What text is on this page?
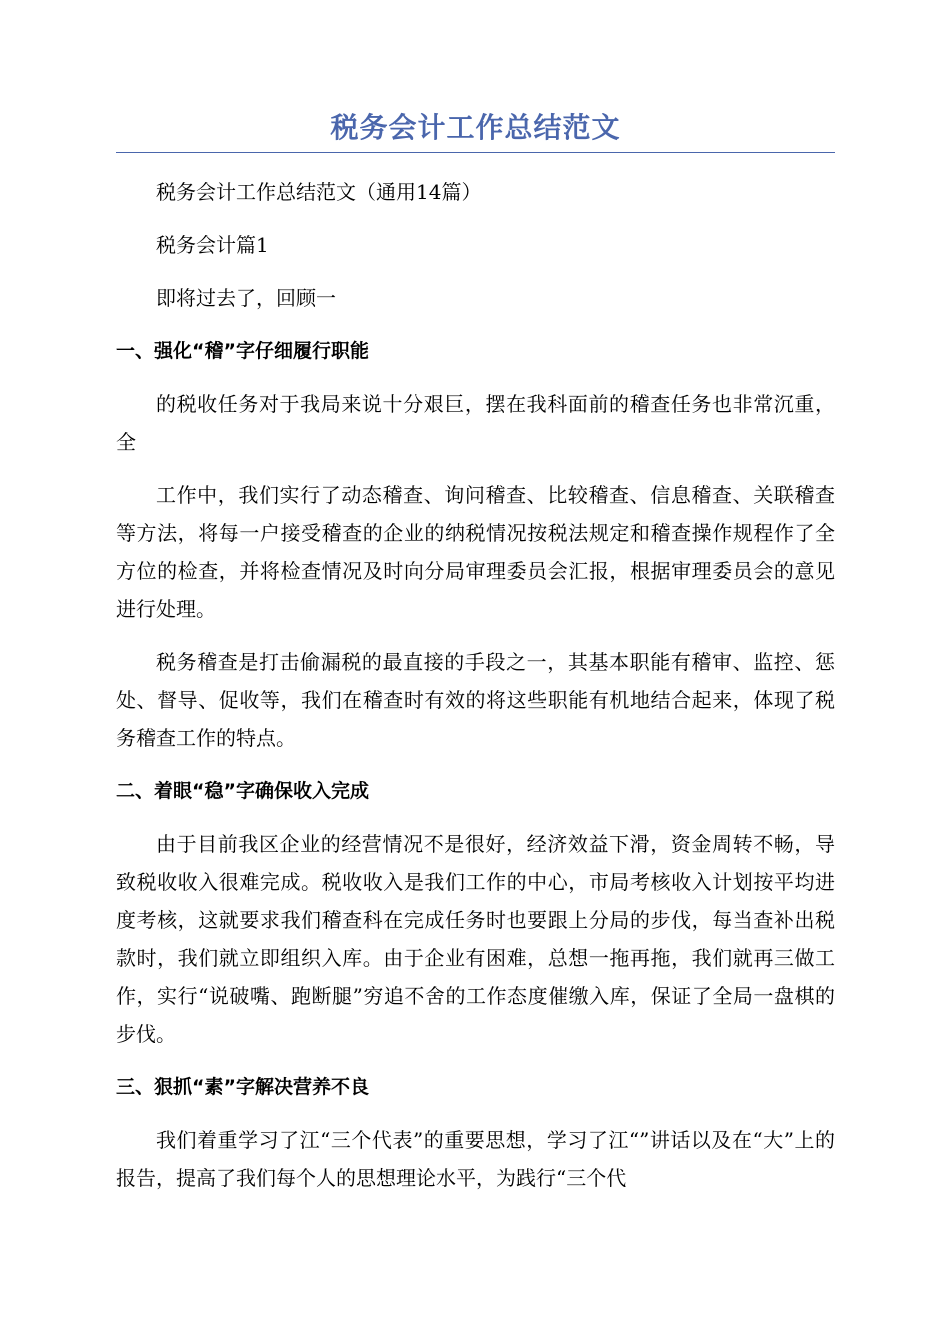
税务会计工作总结范文

税务会计工作总结范文（通用14篇）

税务会计篇1

即将过去了，回顾一

一、强化“稽”字仔细履行职能

的税收任务对于我局来说十分艰巨，摆在我科面前的稽查任务也非常沉重，全

工作中，我们实行了动态稽查、询问稽查、比较稽查、信息稽查、关联稽查等方法，将每一户接受稽查的企业的纳税情况按税法规定和稽查操作规程作了全方位的检查，并将检查情况及时向分局审理委员会汇报，根据审理委员会的意见进行处理。

税务稽查是打击偷漏税的最直接的手段之一，其基本职能有稽审、监控、惩处、督导、促收等，我们在稽查时有效的将这些职能有机地结合起来，体现了税务稽查工作的特点。

二、着眼“稳”字确保收入完成

由于目前我区企业的经营情况不是很好，经济效益下滑，资金周转不畅，导致税收收入很难完成。税收收入是我们工作的中心，市局考核收入计划按平均进度考核，这就要求我们稽查科在完成任务时也要跟上分局的步伐，每当查补出税款时，我们就立即组织入库。由于企业有困难，总想一拖再拖，我们就再三做工作，实行“说破嘴、跑断腿”穷追不舍的工作态度催缴入库，保证了全局一盘棋的步伐。

三、狠抓“素”字解决营养不良

我们着重学习了江“三个代表”的重要思想，学习了江“”讲话以及在“大”上的报告，提高了我们每个人的思想理论水平，为践行“三个代
